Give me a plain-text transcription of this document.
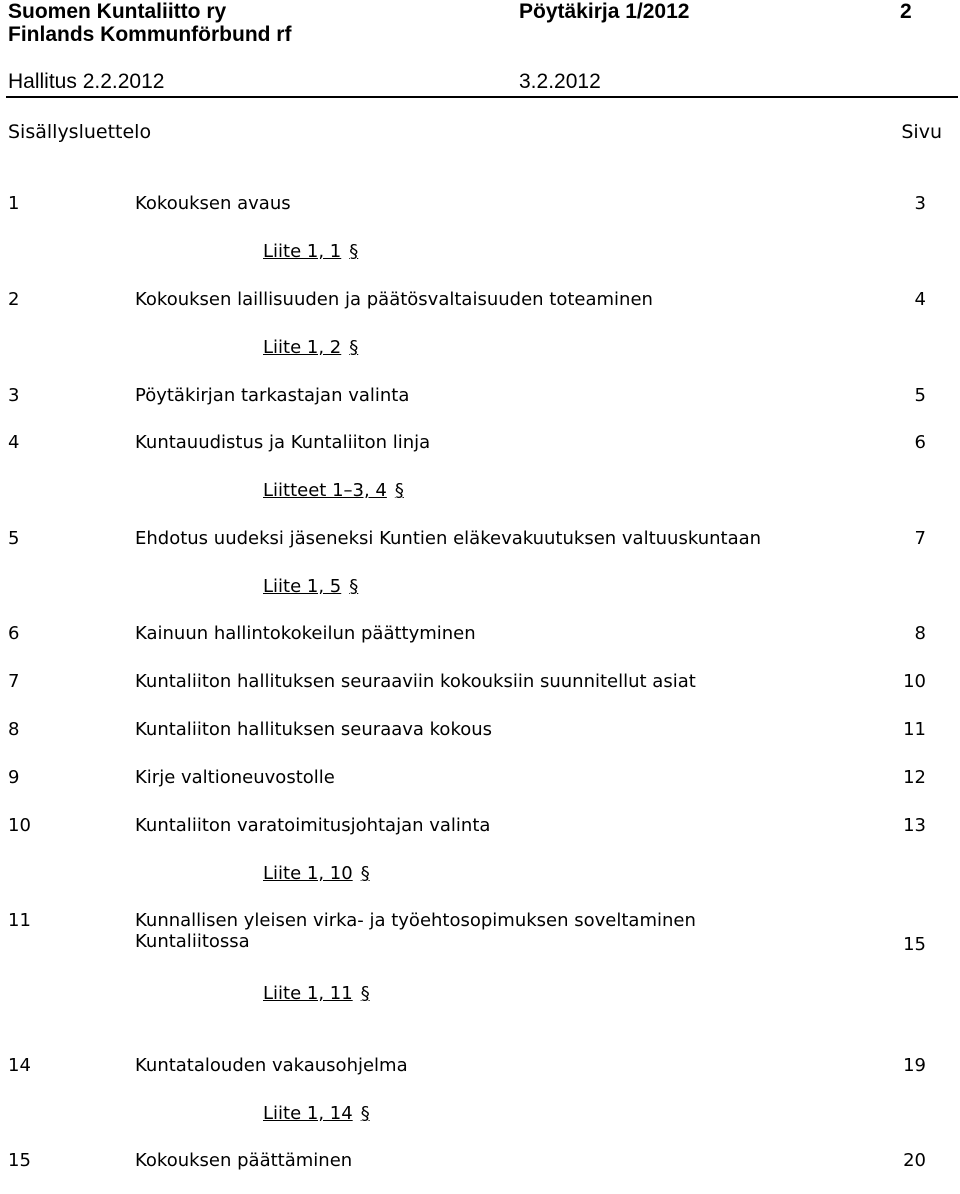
Suomen Kuntaliitto ry	Pöytäkirja 1/2012	2
Finlands Kommunförbund rf
Hallitus 2.2.2012	3.2.2012
Sisällysluettelo	Sivu
1	Kokouksen avaus	3
Liite 1, 1 §
2	Kokouksen laillisuuden ja päätösvaltaisuuden toteaminen	4
Liite 1, 2 §
3	Pöytäkirjan tarkastajan valinta	5
4	Kuntauudistus ja Kuntaliiton linja	6
Liitteet 1–3, 4 §
5	Ehdotus uudeksi jäseneksi Kuntien eläkevakuutuksen valtuuskuntaan	7
Liite 1, 5 §
6	Kainuun hallintokokeilun päättyminen	8
7	Kuntaliiton hallituksen seuraaviin kokouksiin suunnitellut asiat	10
8	Kuntaliiton hallituksen seuraava kokous	11
9	Kirje valtioneuvostolle	12
10	Kuntaliiton varatoimitusjohtajan valinta	13
Liite 1, 10 §
11	Kunnallisen yleisen virka- ja työehtosopimuksen soveltaminen
Kuntaliitossa	15
Liite 1, 11 §
14	Kuntatalouden vakausohjelma	19
Liite 1, 14 §
15	Kokouksen päättäminen	20
